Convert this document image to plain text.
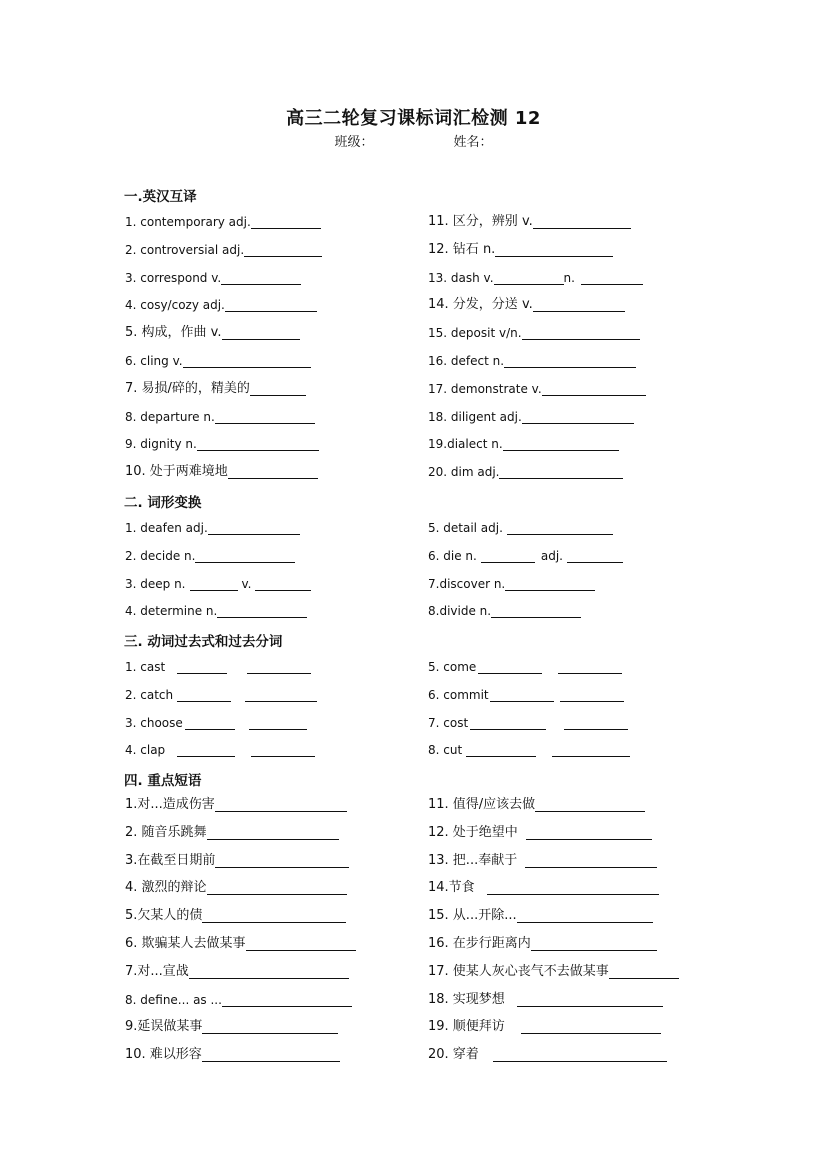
高三二轮复习课标词汇检测 12
班级：	姓名：
一.英汉互译
1. contemporary adj.
2. controversial adj.
3. correspond v.
4. cosy/cozy adj.
5. 构成，作曲 v.
6. cling v.
7. 易损/碎的，精美的
8. departure n.
9. dignity n.
10. 处于两难境地
11. 区分，辨别 v.
12. 钻石 n.
13. dash v.	n.
14. 分发，分送 v.
15. deposit v/n.
16. defect n.
17. demonstrate v.
18. diligent adj.
19.dialect n.
20. dim adj.
二. 词形变换
1. deafen adj.
2. decide n.
3. deep n.	v.
4. determine n.
5. detail adj.
6. die n.	adj.
7.discover n.
8.divide n.
三. 动词过去式和过去分词
1. cast
2. catch
3. choose
4. clap
5. come
6. commit
7. cost
8. cut
四. 重点短语
1.对...造成伤害
2. 随音乐跳舞
3.在截至日期前
4. 激烈的辩论
5.欠某人的债
6. 欺骗某人去做某事
7.对...宣战
8. define... as ...
9.延误做某事
10. 难以形容
11. 值得/应该去做
12. 处于绝望中
13. 把...奉献于
14.节食
15. 从...开除...
16. 在步行距离内
17. 使某人灰心丧气不去做某事
18. 实现梦想
19. 顺便拜访
20. 穿着
